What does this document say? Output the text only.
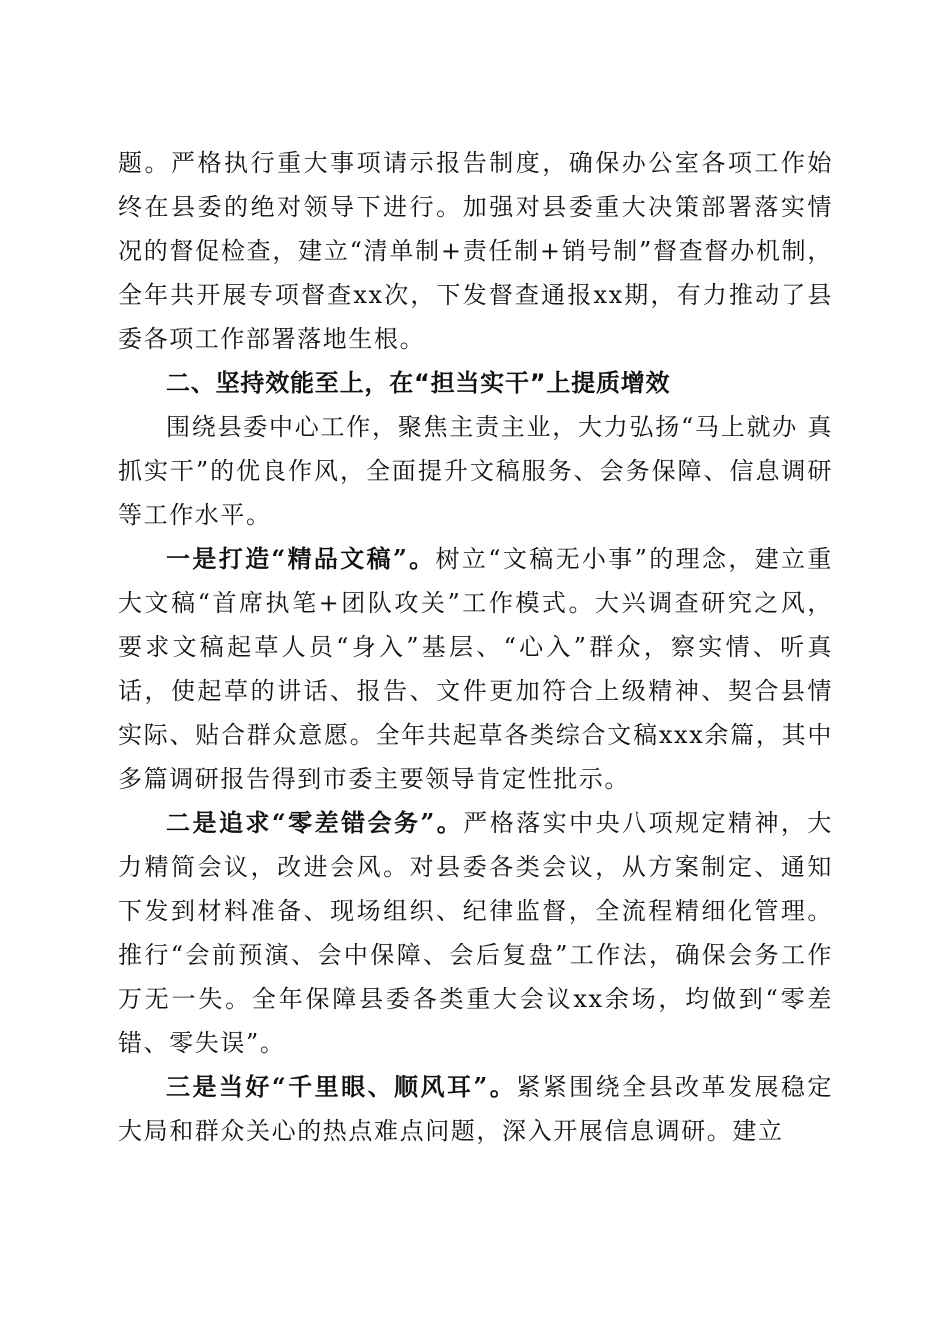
题。严格执行重大事项请示报告制度，确保办公室各项工作始终在县委的绝对领导下进行。加强对县委重大决策部署落实情况的督促检查，建立“清单制+责任制+销号制”督查督办机制，全年共开展专项督查xx次，下发督查通报xx期，有力推动了县委各项工作部署落地生根。

二、坚持效能至上，在“担当实干”上提质增效

围绕县委中心工作，聚焦主责主业，大力弘扬“马上就办 真抓实干”的优良作风，全面提升文稿服务、会务保障、信息调研等工作水平。

一是打造“精品文稿”。树立“文稿无小事”的理念，建立重大文稿“首席执笔+团队攻关”工作模式。大兴调查研究之风，要求文稿起草人员“身入”基层、“心入”群众，察实情、听真话，使起草的讲话、报告、文件更加符合上级精神、契合县情实际、贴合群众意愿。全年共起草各类综合文稿xxx余篇，其中多篇调研报告得到市委主要领导肯定性批示。

二是追求“零差错会务”。严格落实中央八项规定精神，大力精简会议，改进会风。对县委各类会议，从方案制定、通知下发到材料准备、现场组织、纪律监督，全流程精细化管理。推行“会前预演、会中保障、会后复盘”工作法，确保会务工作万无一失。全年保障县委各类重大会议xx余场，均做到“零差错、零失误”。

三是当好“千里眼、顺风耳”。紧紧围绕全县改革发展稳定大局和群众关心的热点难点问题，深入开展信息调研。建立
